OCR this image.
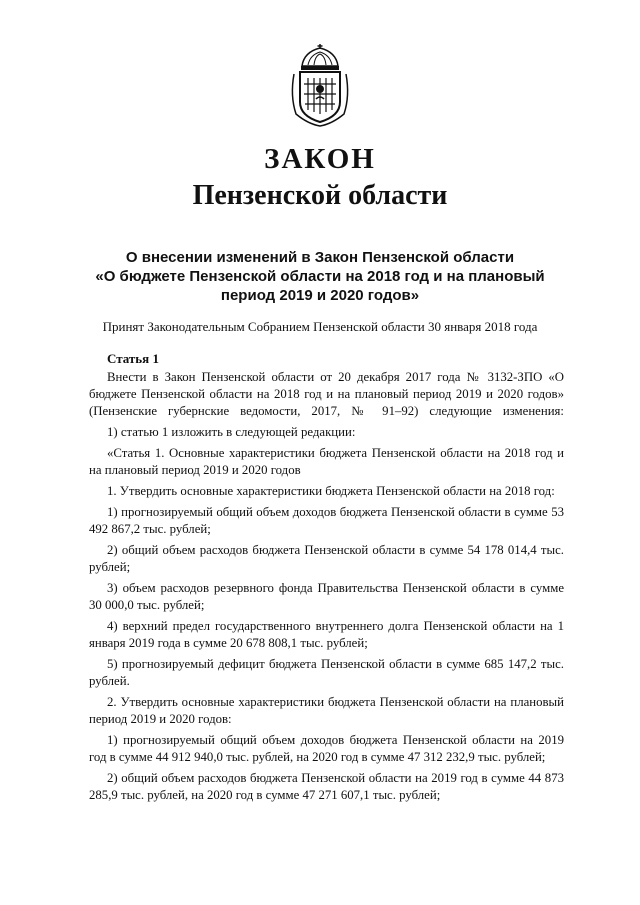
ЗАКОН
Пензенской области
О внесении изменений в Закон Пензенской области
«О бюджете Пензенской области на 2018 год и на плановый
период 2019 и 2020 годов»
Принят Законодательным Собранием Пензенской области 30 января 2018 года
Статья 1

Внести в Закон Пензенской области от 20 декабря 2017 года № 3132-ЗПО «О бюджете Пензенской области на 2018 год и на плановый период 2019 и 2020 годов» (Пензенские губернские ведомости, 2017, № 91–92) следующие изменения:

1) статью 1 изложить в следующей редакции:

«Статья 1. Основные характеристики бюджета Пензенской области на 2018 год и на плановый период 2019 и 2020 годов

1. Утвердить основные характеристики бюджета Пензенской области на 2018 год:

1) прогнозируемый общий объем доходов бюджета Пензенской области в сумме 53 492 867,2 тыс. рублей;

2) общий объем расходов бюджета Пензенской области в сумме 54 178 014,4 тыс. рублей;

3) объем расходов резервного фонда Правительства Пензенской области в сумме 30 000,0 тыс. рублей;

4) верхний предел государственного внутреннего долга Пензенской области на 1 января 2019 года в сумме 20 678 808,1 тыс. рублей;

5) прогнозируемый дефицит бюджета Пензенской области в сумме 685 147,2 тыс. рублей.

2. Утвердить основные характеристики бюджета Пензенской области на плановый период 2019 и 2020 годов:

1) прогнозируемый общий объем доходов бюджета Пензенской области на 2019 год в сумме 44 912 940,0 тыс. рублей, на 2020 год в сумме 47 312 232,9 тыс. рублей;

2) общий объем расходов бюджета Пензенской области на 2019 год в сумме 44 873 285,9 тыс. рублей, на 2020 год в сумме 47 271 607,1 тыс. рублей;
